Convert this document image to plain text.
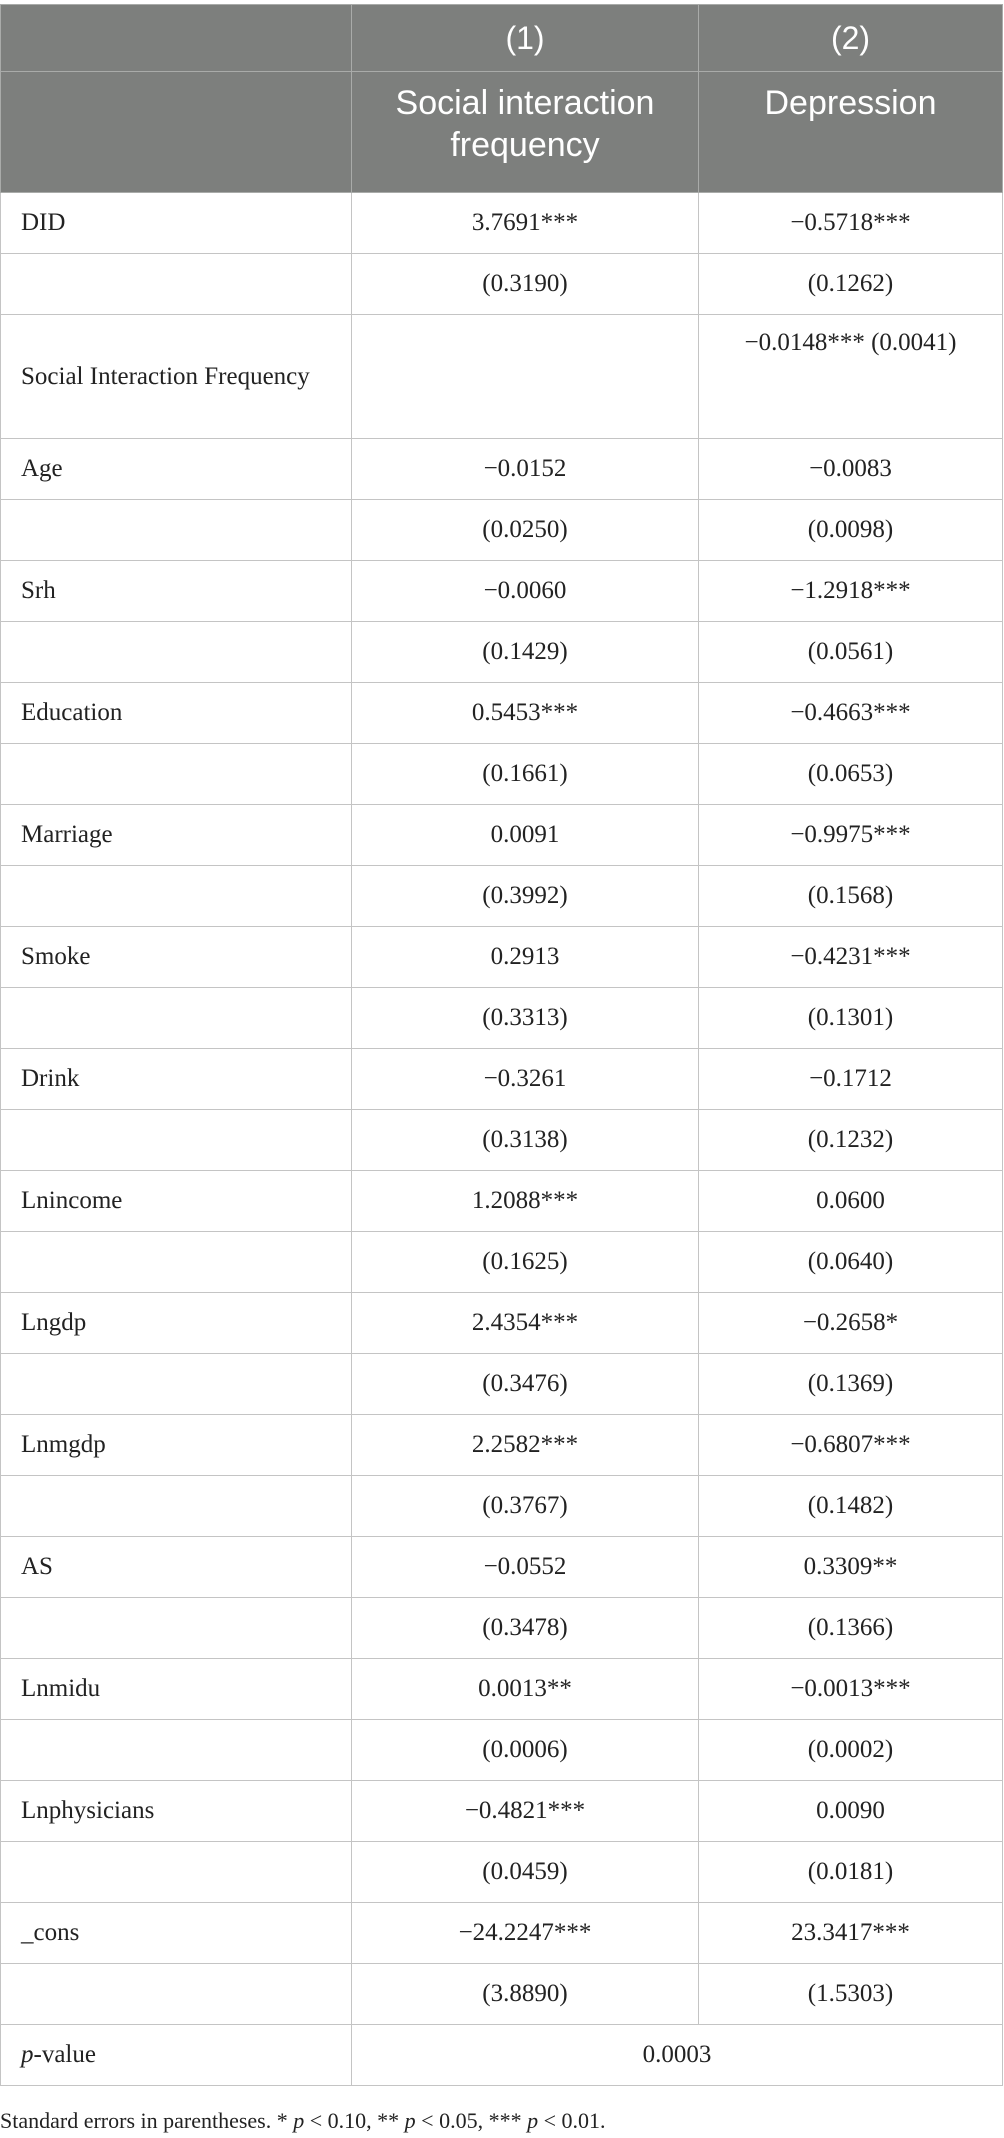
	(1)	(2)
	Social interaction frequency	Depression
DID	3.7691***	−0.5718***
	(0.3190)	(0.1262)
Social Interaction Frequency		−0.0148*** (0.0041)
Age	−0.0152	−0.0083
	(0.0250)	(0.0098)
Srh	−0.0060	−1.2918***
	(0.1429)	(0.0561)
Education	0.5453***	−0.4663***
	(0.1661)	(0.0653)
Marriage	0.0091	−0.9975***
	(0.3992)	(0.1568)
Smoke	0.2913	−0.4231***
	(0.3313)	(0.1301)
Drink	−0.3261	−0.1712
	(0.3138)	(0.1232)
Lnincome	1.2088***	0.0600
	(0.1625)	(0.0640)
Lngdp	2.4354***	−0.2658*
	(0.3476)	(0.1369)
Lnmgdp	2.2582***	−0.6807***
	(0.3767)	(0.1482)
AS	−0.0552	0.3309**
	(0.3478)	(0.1366)
Lnmidu	0.0013**	−0.0013***
	(0.0006)	(0.0002)
Lnphysicians	−0.4821***	0.0090
	(0.0459)	(0.0181)
_cons	−24.2247***	23.3417***
	(3.8890)	(1.5303)
p-value	0.0003	
Standard errors in parentheses. * p < 0.10, ** p < 0.05, *** p < 0.01.
